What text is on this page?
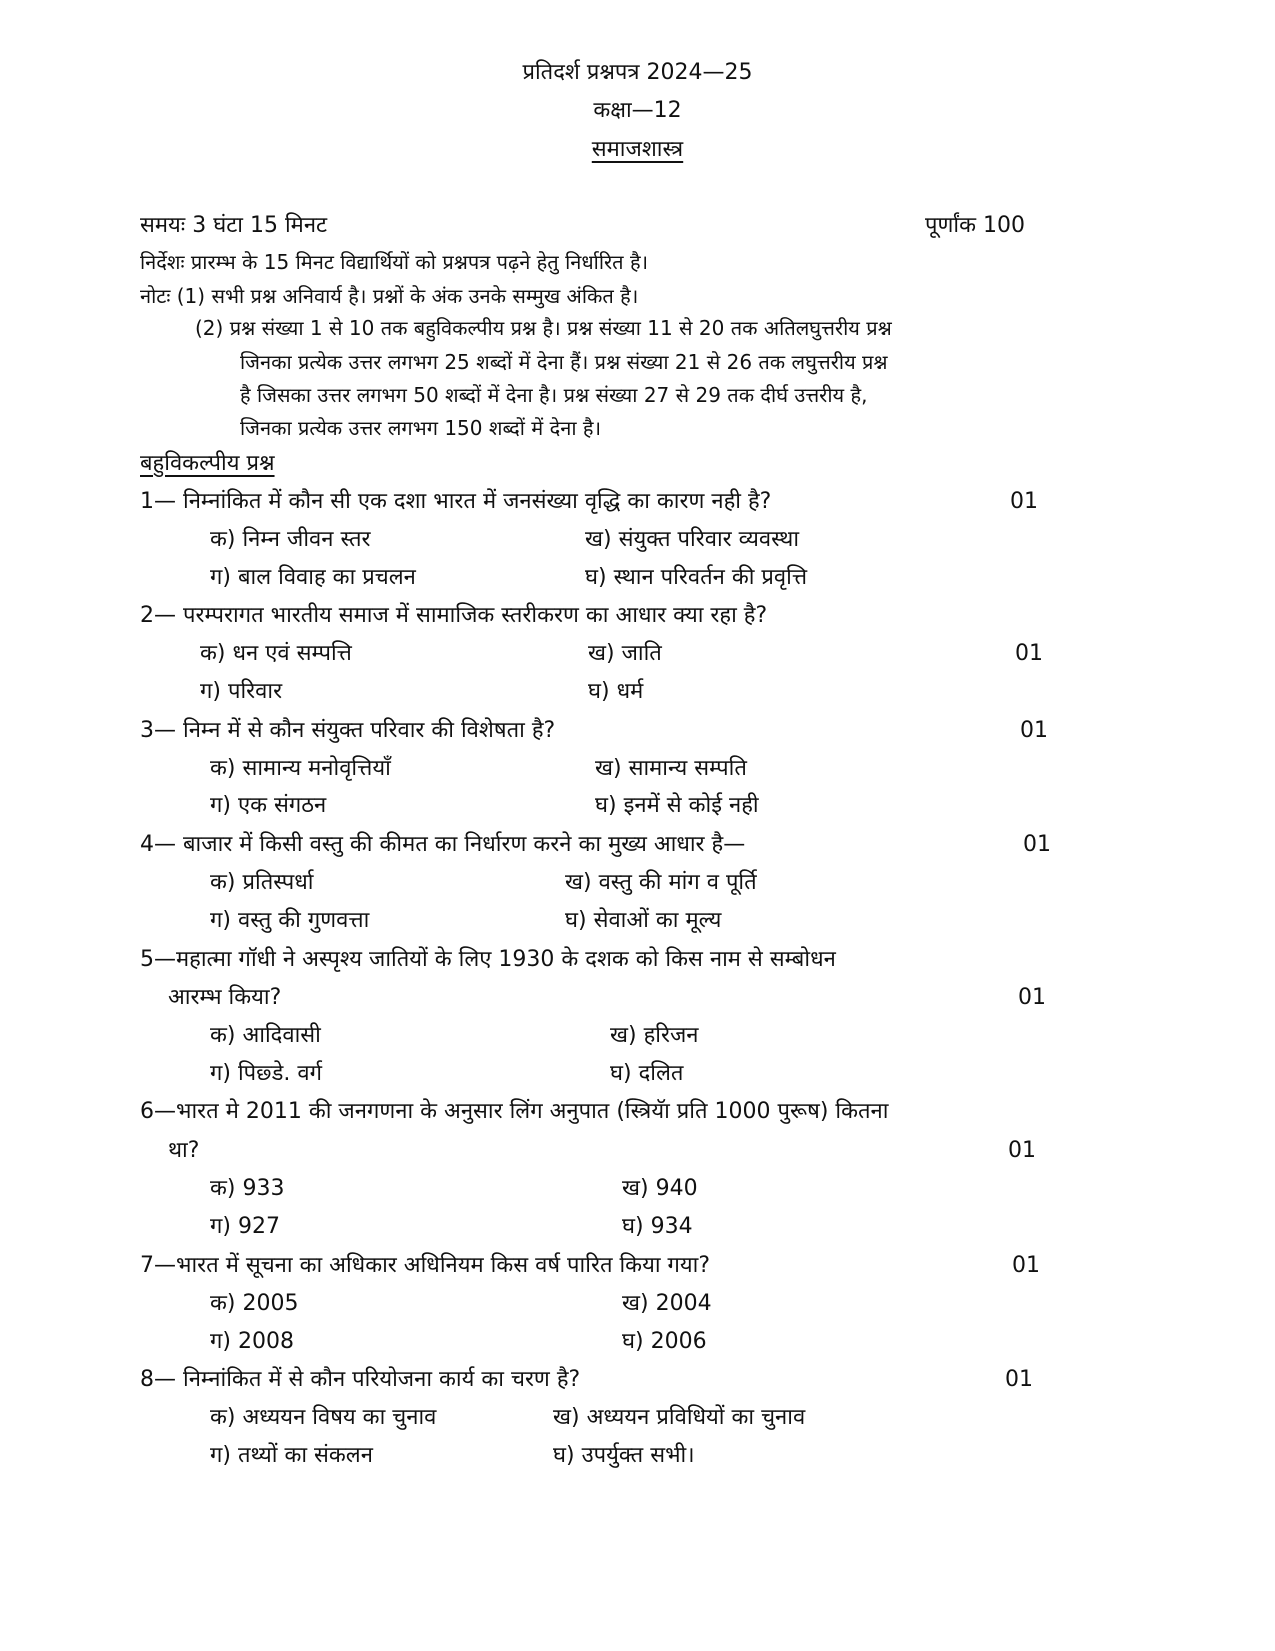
प्रतिदर्श प्रश्नपत्र 2024—25
कक्षा—12
समाजशास्त्र
समयः 3 घंटा 15 मिनट	पूर्णांक 100
निर्देशः प्रारम्भ के 15 मिनट विद्यार्थियों को प्रश्नपत्र पढ़ने हेतु निर्धारित है।
नोटः (1) सभी प्रश्न अनिवार्य है। प्रश्नों के अंक उनके सम्मुख अंकित है।
(2) प्रश्न संख्या 1 से 10 तक बहुविकल्पीय प्रश्न है। प्रश्न संख्या 11 से 20 तक अतिलघुत्तरीय प्रश्न
जिनका प्रत्येक उत्तर लगभग 25 शब्दों में देना हैं। प्रश्न संख्या 21 से 26 तक लघुत्तरीय प्रश्न
है जिसका उत्तर लगभग 50 शब्दों में देना है। प्रश्न संख्या 27 से 29 तक दीर्घ उत्तरीय है,
जिनका प्रत्येक उत्तर लगभग 150 शब्दों में देना है।
बहुविकल्पीय प्रश्न
1— निम्नांकित में कौन सी एक दशा भारत में जनसंख्या वृद्धि का कारण नही है?	01
क) निम्न जीवन स्तर	ख) संयुक्त परिवार व्यवस्था
ग) बाल विवाह का प्रचलन	घ) स्थान परिवर्तन की प्रवृत्ति
2— परम्परागत भारतीय समाज में सामाजिक स्तरीकरण का आधार क्या रहा है?
01
क) धन एवं सम्पत्ति	ख) जाति
ग) परिवार	घ) धर्म
3— निम्न में से कौन संयुक्त परिवार की विशेषता है?	01
क) सामान्य मनोवृत्तियाँ	ख) सामान्य सम्पति
ग) एक संगठन	घ) इनमें से कोई नही
4— बाजार में किसी वस्तु की कीमत का निर्धारण करने का मुख्य आधार है—	01
क) प्रतिस्पर्धा	ख) वस्तु की मांग व पूर्ति
ग) वस्तु की गुणवत्ता	घ) सेवाओं का मूल्य
5—महात्मा गॉधी ने अस्पृश्य जातियों के लिए 1930 के दशक को किस नाम से सम्बोधन
आरम्भ किया?	01
क) आदिवासी	ख) हरिजन
ग) पिछ्डे. वर्ग	घ) दलित
6—भारत मे 2011 की जनगणना के अनुसार लिंग अनुपात (स्त्रियॅा प्रति 1000 पुरूष) कितना
था?	01
क) 933	ख) 940
ग) 927	घ) 934
7—भारत में सूचना का अधिकार अधिनियम किस वर्ष पारित किया गया?	01
क) 2005	ख) 2004
ग) 2008	घ) 2006
8— निम्नांकित में से कौन परियोजना कार्य का चरण है?	01
क) अध्ययन विषय का चुनाव	ख) अध्ययन प्रविधियों का चुनाव
ग) तथ्यों का संकलन	घ) उपर्युक्त सभी।
